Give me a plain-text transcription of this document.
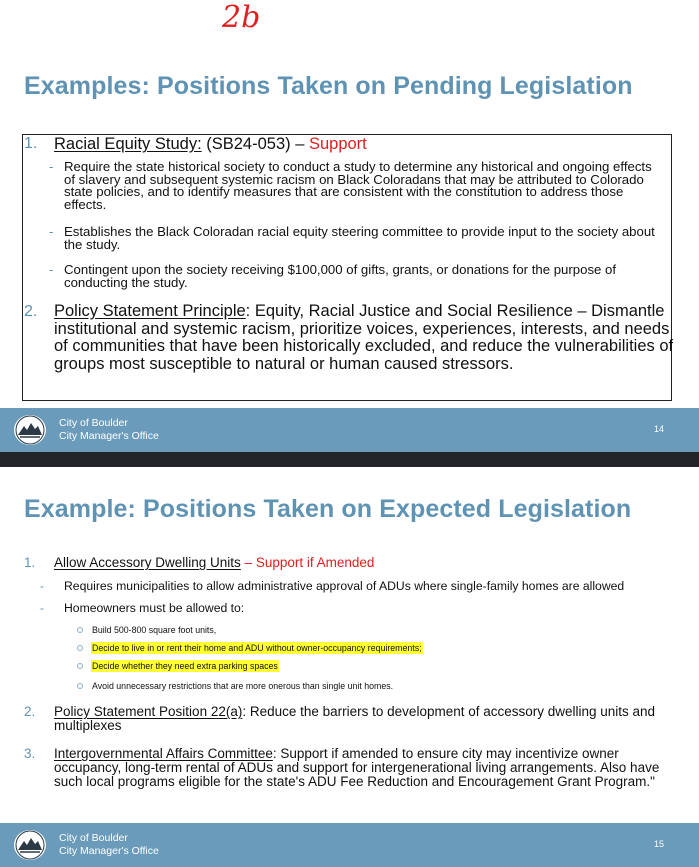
2b
Examples: Positions Taken on Pending Legislation
1. Racial Equity Study: (SB24-053) – Support
- Require the state historical society to conduct a study to determine any historical and ongoing effects of slavery and subsequent systemic racism on Black Coloradans that may be attributed to Colorado state policies, and to identify measures that are consistent with the constitution to address those effects.
- Establishes the Black Coloradan racial equity steering committee to provide input to the society about the study.
- Contingent upon the society receiving $100,000 of gifts, grants, or donations for the purpose of conducting the study.
2. Policy Statement Principle: Equity, Racial Justice and Social Resilience – Dismantle institutional and systemic racism, prioritize voices, experiences, interests, and needs of communities that have been historically excluded, and reduce the vulnerabilities of groups most susceptible to natural or human caused stressors.
City of Boulder
City Manager's Office
14
Example: Positions Taken on Expected Legislation
1. Allow Accessory Dwelling Units – Support if Amended
- Requires municipalities to allow administrative approval of ADUs where single-family homes are allowed
- Homeowners must be allowed to:
Build 500-800 square foot units,
Decide to live in or rent their home and ADU without owner-occupancy requirements;
Decide whether they need extra parking spaces
Avoid unnecessary restrictions that are more onerous than single unit homes.
2. Policy Statement Position 22(a): Reduce the barriers to development of accessory dwelling units and multiplexes
3. Intergovernmental Affairs Committee: Support if amended to ensure city may incentivize owner occupancy, long-term rental of ADUs and support for intergenerational living arrangements. Also have such local programs eligible for the state's ADU Fee Reduction and Encouragement Grant Program."
City of Boulder
City Manager's Office
15
